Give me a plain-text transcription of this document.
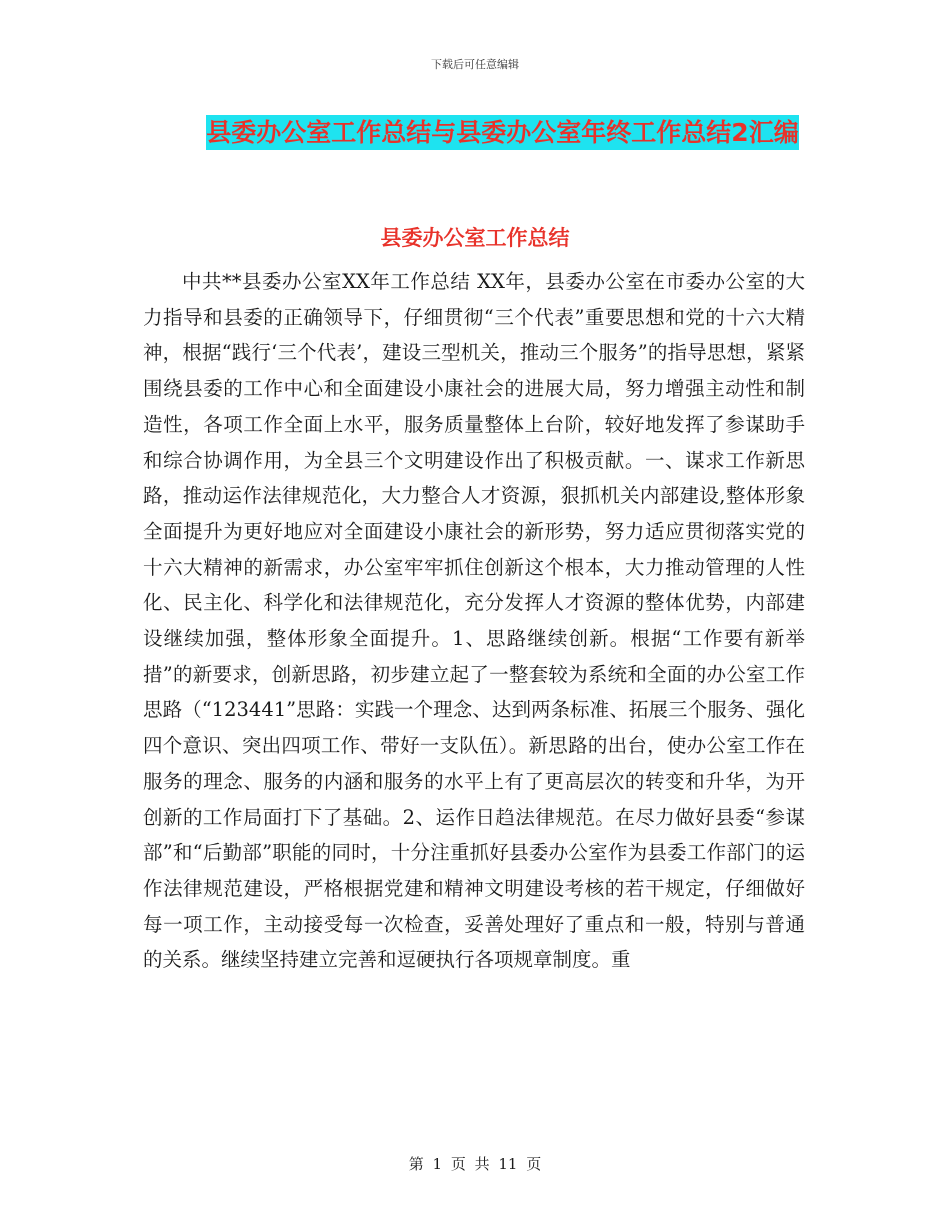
下载后可任意编辑
县委办公室工作总结与县委办公室年终工作总结2汇编
县委办公室工作总结

中共**县委办公室XX年工作总结 XX年，县委办公室在市委办公室的大力指导和县委的正确领导下，仔细贯彻“三个代表”重要思想和党的十六大精神，根据“践行‘三个代表’，建设三型机关，推动三个服务”的指导思想，紧紧围绕县委的工作中心和全面建设小康社会的进展大局，努力增强主动性和制造性，各项工作全面上水平，服务质量整体上台阶，较好地发挥了参谋助手和综合协调作用，为全县三个文明建设作出了积极贡献。一、谋求工作新思路，推动运作法律规范化，大力整合人才资源，狠抓机关内部建设,整体形象全面提升为更好地应对全面建设小康社会的新形势，努力适应贯彻落实党的十六大精神的新需求，办公室牢牢抓住创新这个根本，大力推动管理的人性化、民主化、科学化和法律规范化，充分发挥人才资源的整体优势，内部建设继续加强，整体形象全面提升。1、思路继续创新。根据“工作要有新举措”的新要求，创新思路，初步建立起了一整套较为系统和全面的办公室工作思路（“123441”思路：实践一个理念、达到两条标准、拓展三个服务、强化四个意识、突出四项工作、带好一支队伍）。新思路的出台，使办公室工作在服务的理念、服务的内涵和服务的水平上有了更高层次的转变和升华，为开创新的工作局面打下了基础。2、运作日趋法律规范。在尽力做好县委“参谋部”和“后勤部”职能的同时，十分注重抓好县委办公室作为县委工作部门的运作法律规范建设，严格根据党建和精神文明建设考核的若干规定，仔细做好每一项工作，主动接受每一次检查，妥善处理好了重点和一般，特别与普通的关系。继续坚持建立完善和逗硬执行各项规章制度。重

第 1 页 共 11 页
